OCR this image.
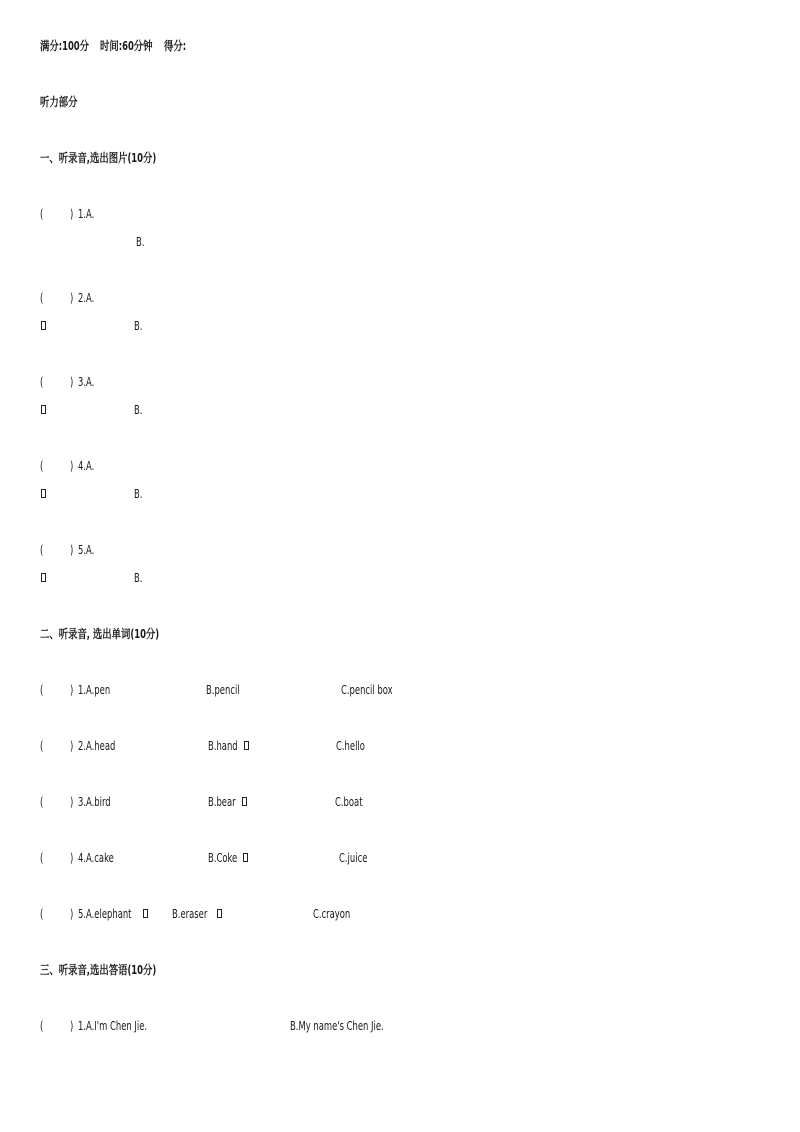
满分:100分 时间:60分钟 得分:
听力部分
一、听录音,选出图片(10分)
(          ) 1.A.
B.
(          ) 2.A.
B.
(          ) 3.A.
B.
(          ) 4.A.
B.
(          ) 5.A.
B.
二、听录音, 选出单词(10分)
(          ) 1.A.pen	B.pencil	C.pencil box
(          ) 2.A.head	B.hand	C.hello
(          ) 3.A.bird	B.bear	C.boat
(          ) 4.A.cake	B.Coke	C.juice
(          ) 5.A.elephant	B.eraser	C.crayon
三、听录音,选出答语(10分)
(          ) 1.A.I'm Chen Jie.	B.My name's Chen Jie.
